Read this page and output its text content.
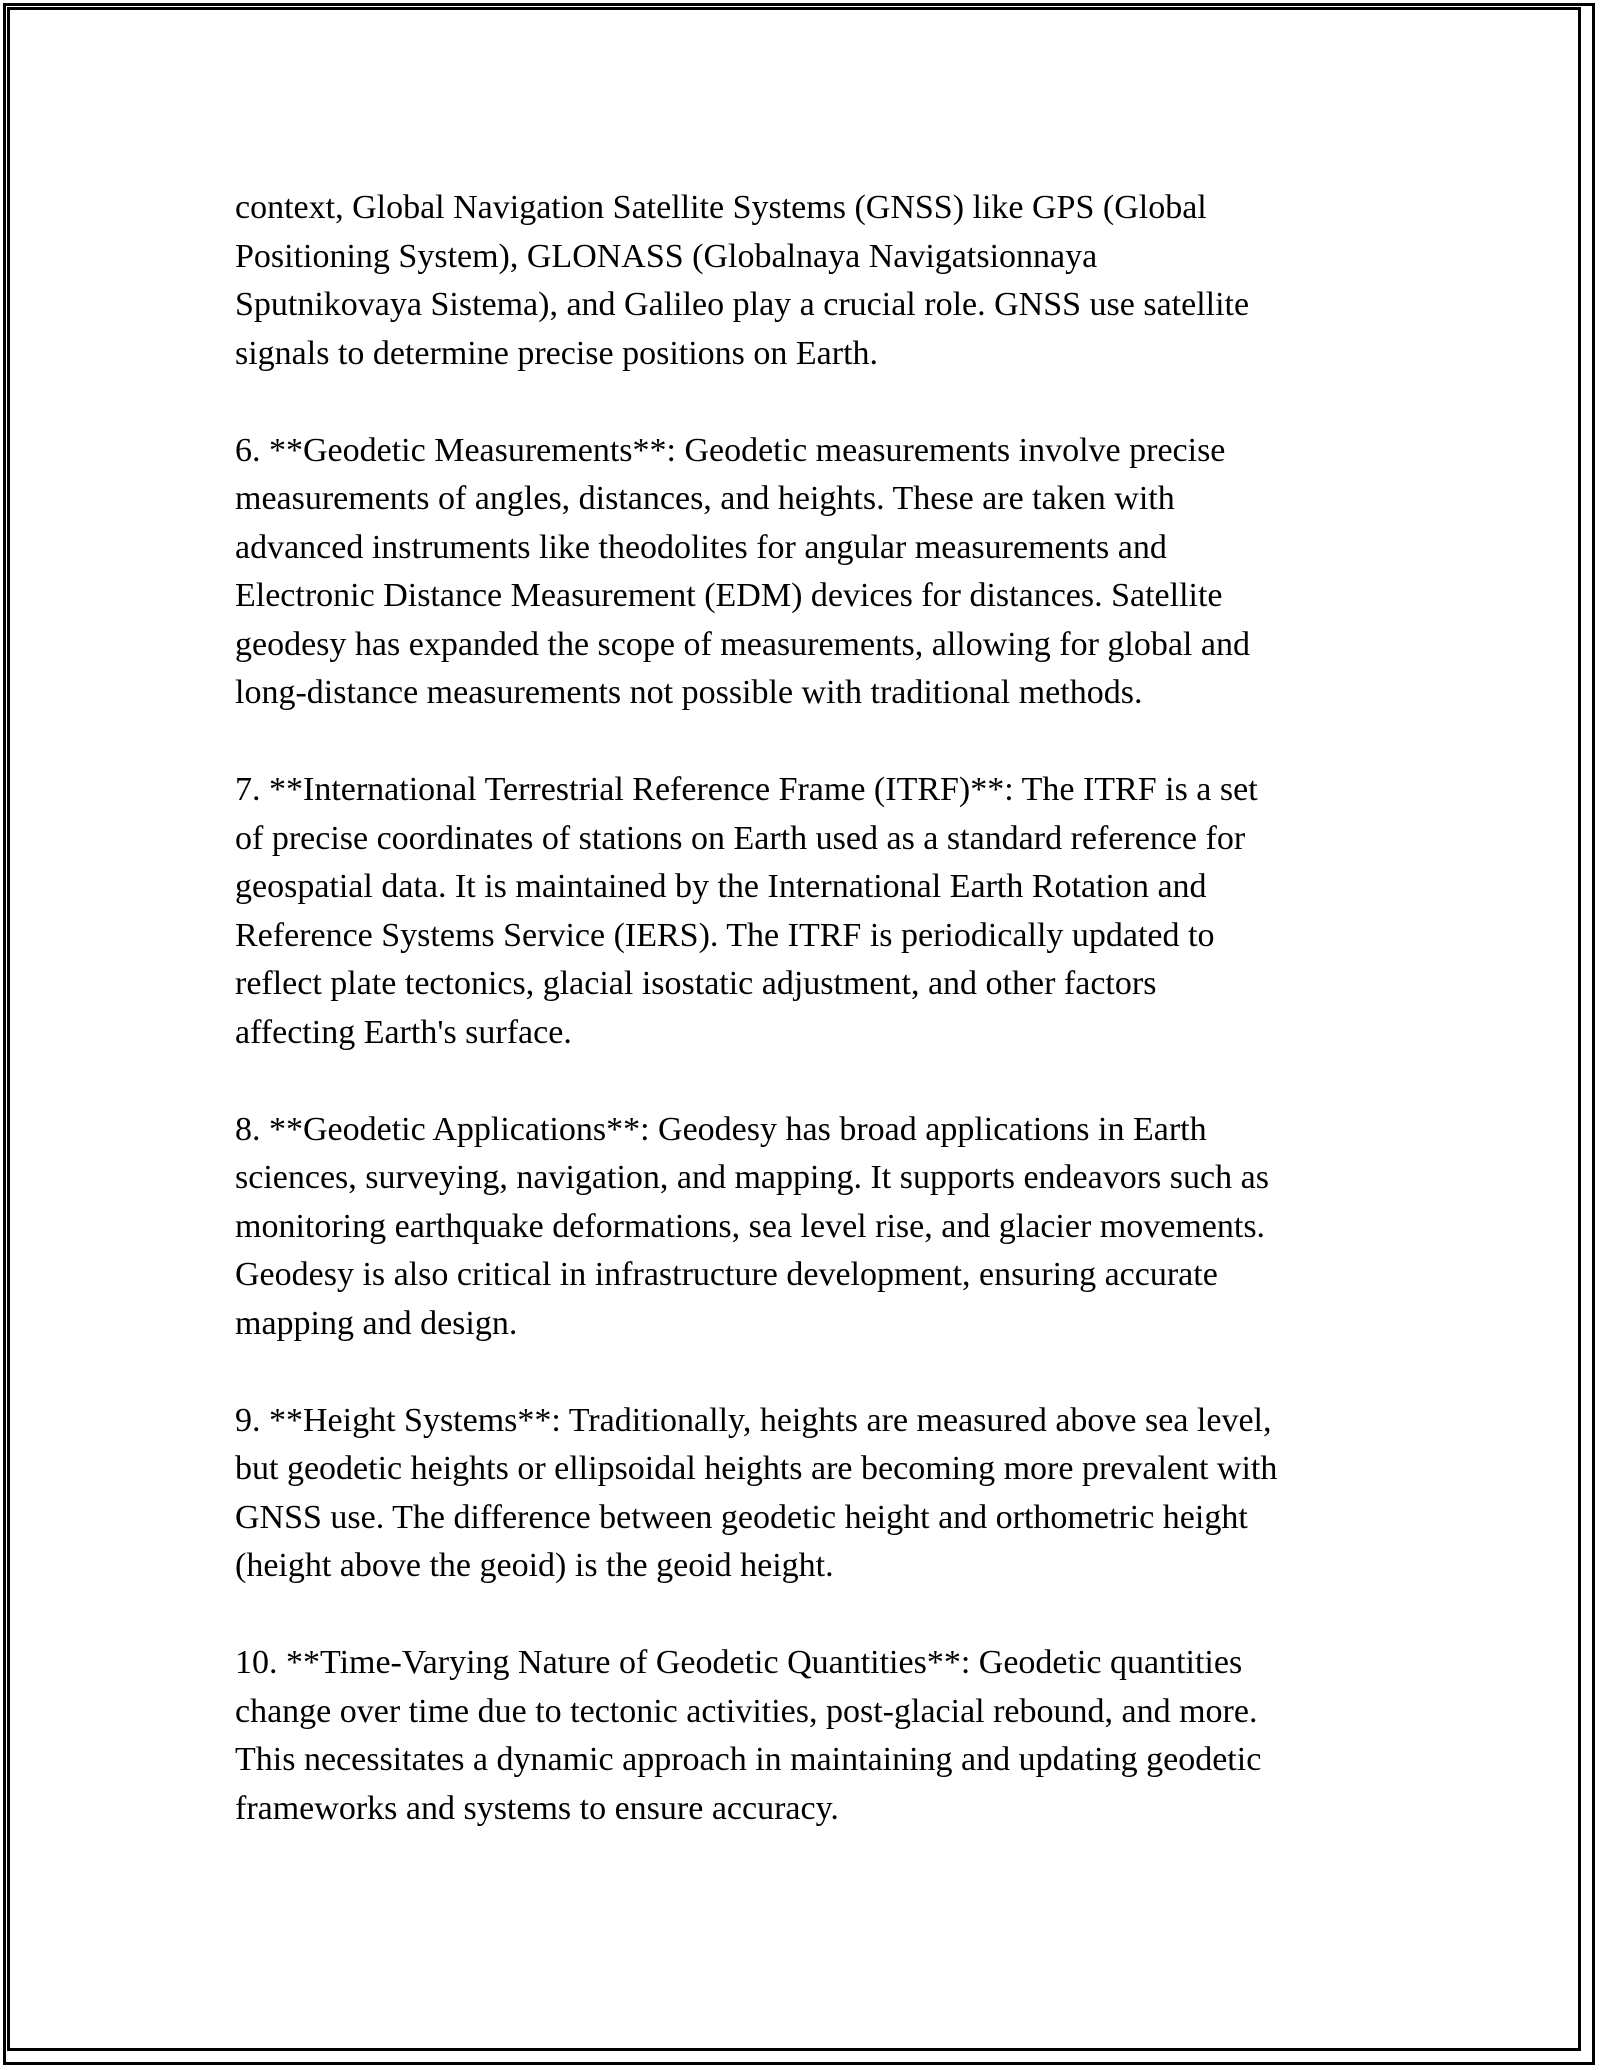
context, Global Navigation Satellite Systems (GNSS) like GPS (Global
Positioning System), GLONASS (Globalnaya Navigatsionnaya
Sputnikovaya Sistema), and Galileo play a crucial role. GNSS use satellite
signals to determine precise positions on Earth.

6. **Geodetic Measurements**: Geodetic measurements involve precise
measurements of angles, distances, and heights. These are taken with
advanced instruments like theodolites for angular measurements and
Electronic Distance Measurement (EDM) devices for distances. Satellite
geodesy has expanded the scope of measurements, allowing for global and
long-distance measurements not possible with traditional methods.

7. **International Terrestrial Reference Frame (ITRF)**: The ITRF is a set
of precise coordinates of stations on Earth used as a standard reference for
geospatial data. It is maintained by the International Earth Rotation and
Reference Systems Service (IERS). The ITRF is periodically updated to
reflect plate tectonics, glacial isostatic adjustment, and other factors
affecting Earth's surface.

8. **Geodetic Applications**: Geodesy has broad applications in Earth
sciences, surveying, navigation, and mapping. It supports endeavors such as
monitoring earthquake deformations, sea level rise, and glacier movements.
Geodesy is also critical in infrastructure development, ensuring accurate
mapping and design.

9. **Height Systems**: Traditionally, heights are measured above sea level,
but geodetic heights or ellipsoidal heights are becoming more prevalent with
GNSS use. The difference between geodetic height and orthometric height
(height above the geoid) is the geoid height.

10. **Time-Varying Nature of Geodetic Quantities**: Geodetic quantities
change over time due to tectonic activities, post-glacial rebound, and more.
This necessitates a dynamic approach in maintaining and updating geodetic
frameworks and systems to ensure accuracy.
